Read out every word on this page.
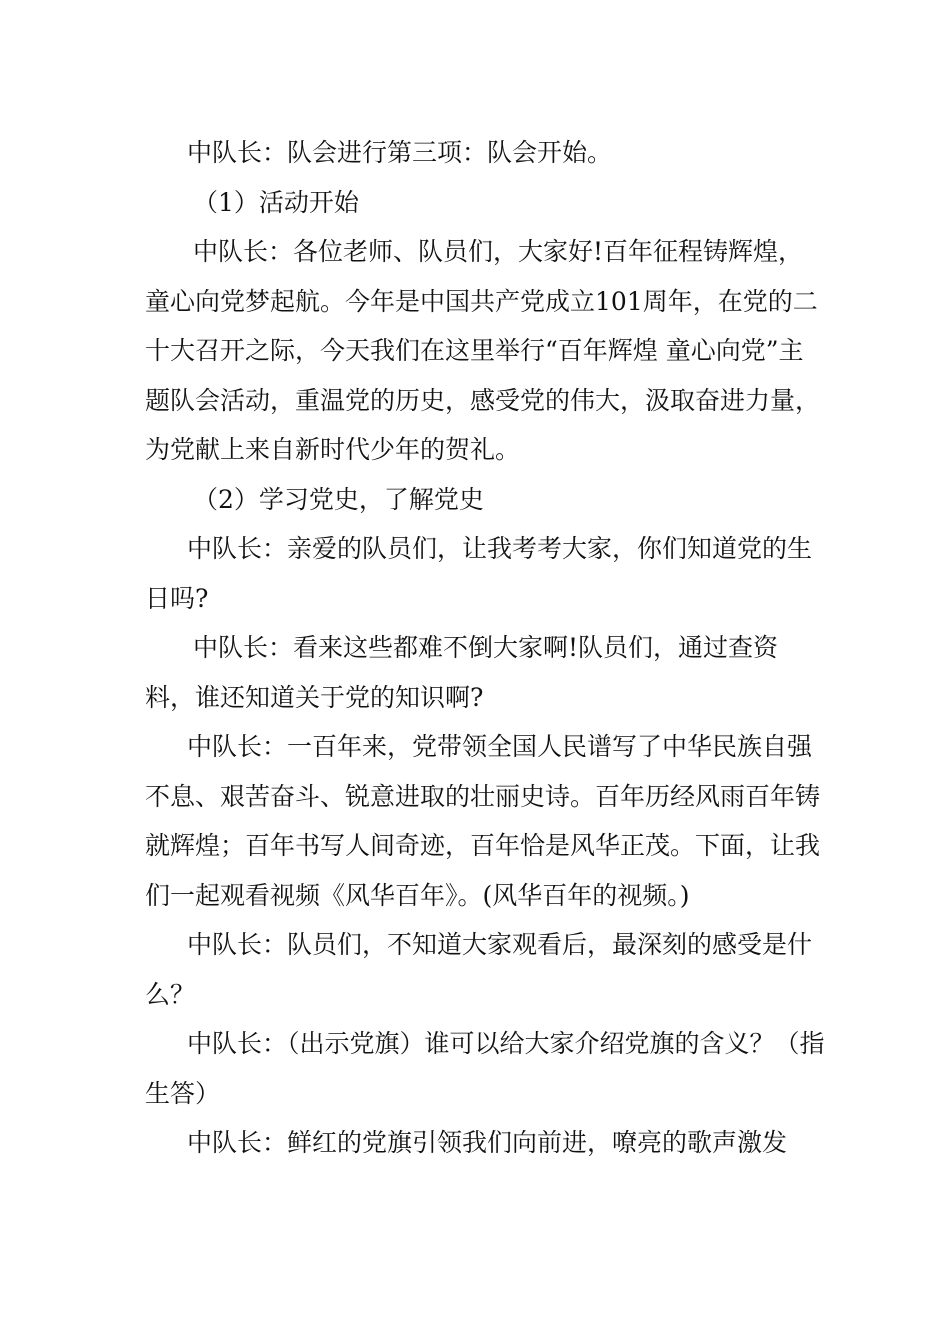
中队长：队会进行第三项：队会开始。

（1）活动开始

中队长：各位老师、队员们，大家好!百年征程铸辉煌，童心向党梦起航。今年是中国共产党成立101周年，在党的二十大召开之际，今天我们在这里举行“百年辉煌 童心向党”主题队会活动，重温党的历史，感受党的伟大，汲取奋进力量，为党献上来自新时代少年的贺礼。

（2）学习党史，了解党史

中队长：亲爱的队员们，让我考考大家，你们知道党的生日吗?

中队长：看来这些都难不倒大家啊!队员们，通过查资料，谁还知道关于党的知识啊?

中队长：一百年来，党带领全国人民谱写了中华民族自强不息、艰苦奋斗、锐意进取的壮丽史诗。百年历经风雨百年铸就辉煌；百年书写人间奇迹，百年恰是风华正茂。下面，让我们一起观看视频《风华百年》。(风华百年的视频。)

中队长：队员们，不知道大家观看后，最深刻的感受是什么？

中队长：（出示党旗）谁可以给大家介绍党旗的含义？（指生答）

中队长：鲜红的党旗引领我们向前进，嘹亮的歌声激发
